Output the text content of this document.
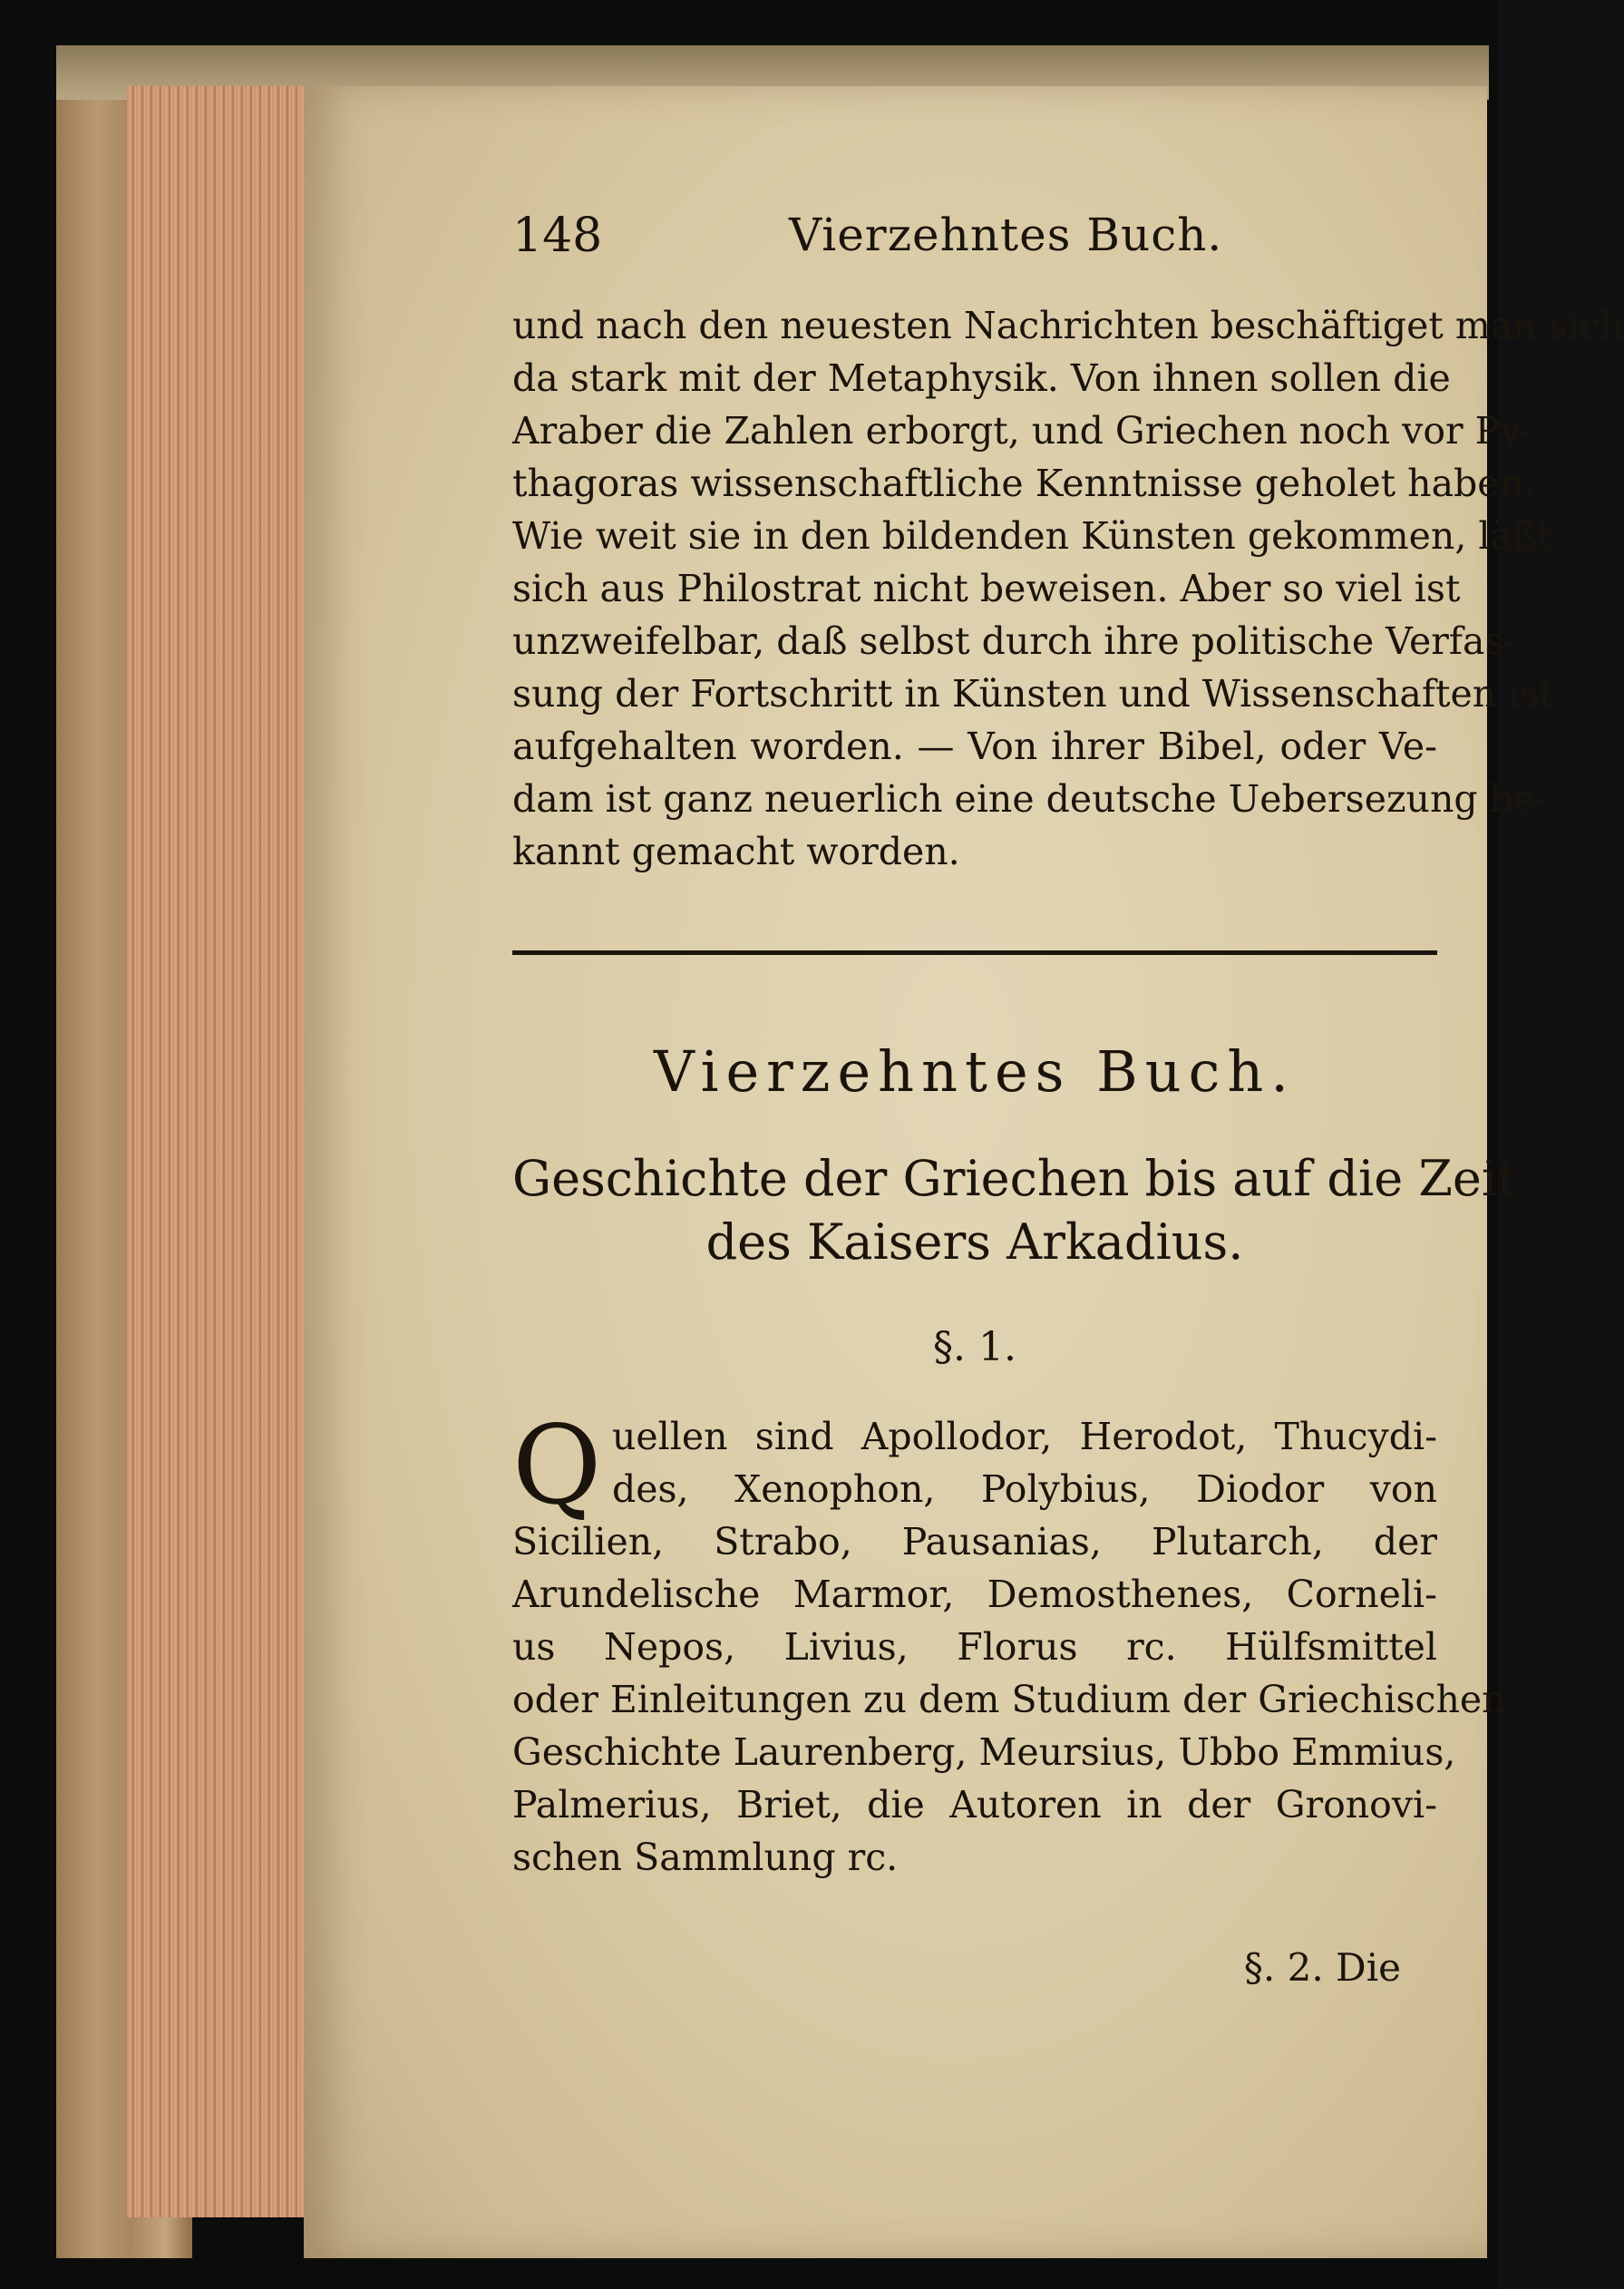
148	Vierzehntes Buch.
und nach den neuesten Nachrichten beschäftiget man sich
da stark mit der Metaphysik. Von ihnen sollen die
Araber die Zahlen erborgt, und Griechen noch vor Py-
thagoras wissenschaftliche Kenntnisse geholet haben.
Wie weit sie in den bildenden Künsten gekommen, läßt
sich aus Philostrat nicht beweisen. Aber so viel ist
unzweifelbar, daß selbst durch ihre politische Verfas-
sung der Fortschritt in Künsten und Wissenschaften ist
aufgehalten worden. — Von ihrer Bibel, oder Ve-
dam ist ganz neuerlich eine deutsche Uebersezung be-
kannt gemacht worden.
Vierzehntes Buch.
Geschichte der Griechen bis auf die Zeit
des Kaisers Arkadius.
§. 1.
Q uellen sind Apollodor, Herodot, Thucydi-
des, Xenophon, Polybius, Diodor von
Sicilien, Strabo, Pausanias, Plutarch, der
Arundelische Marmor, Demosthenes, Corneli-
us Nepos, Livius, Florus rc. Hülfsmittel
oder Einleitungen zu dem Studium der Griechischen
Geschichte Laurenberg, Meursius, Ubbo Emmius,
Palmerius, Briet, die Autoren in der Gronovi-
schen Sammlung rc.
§. 2. Die
